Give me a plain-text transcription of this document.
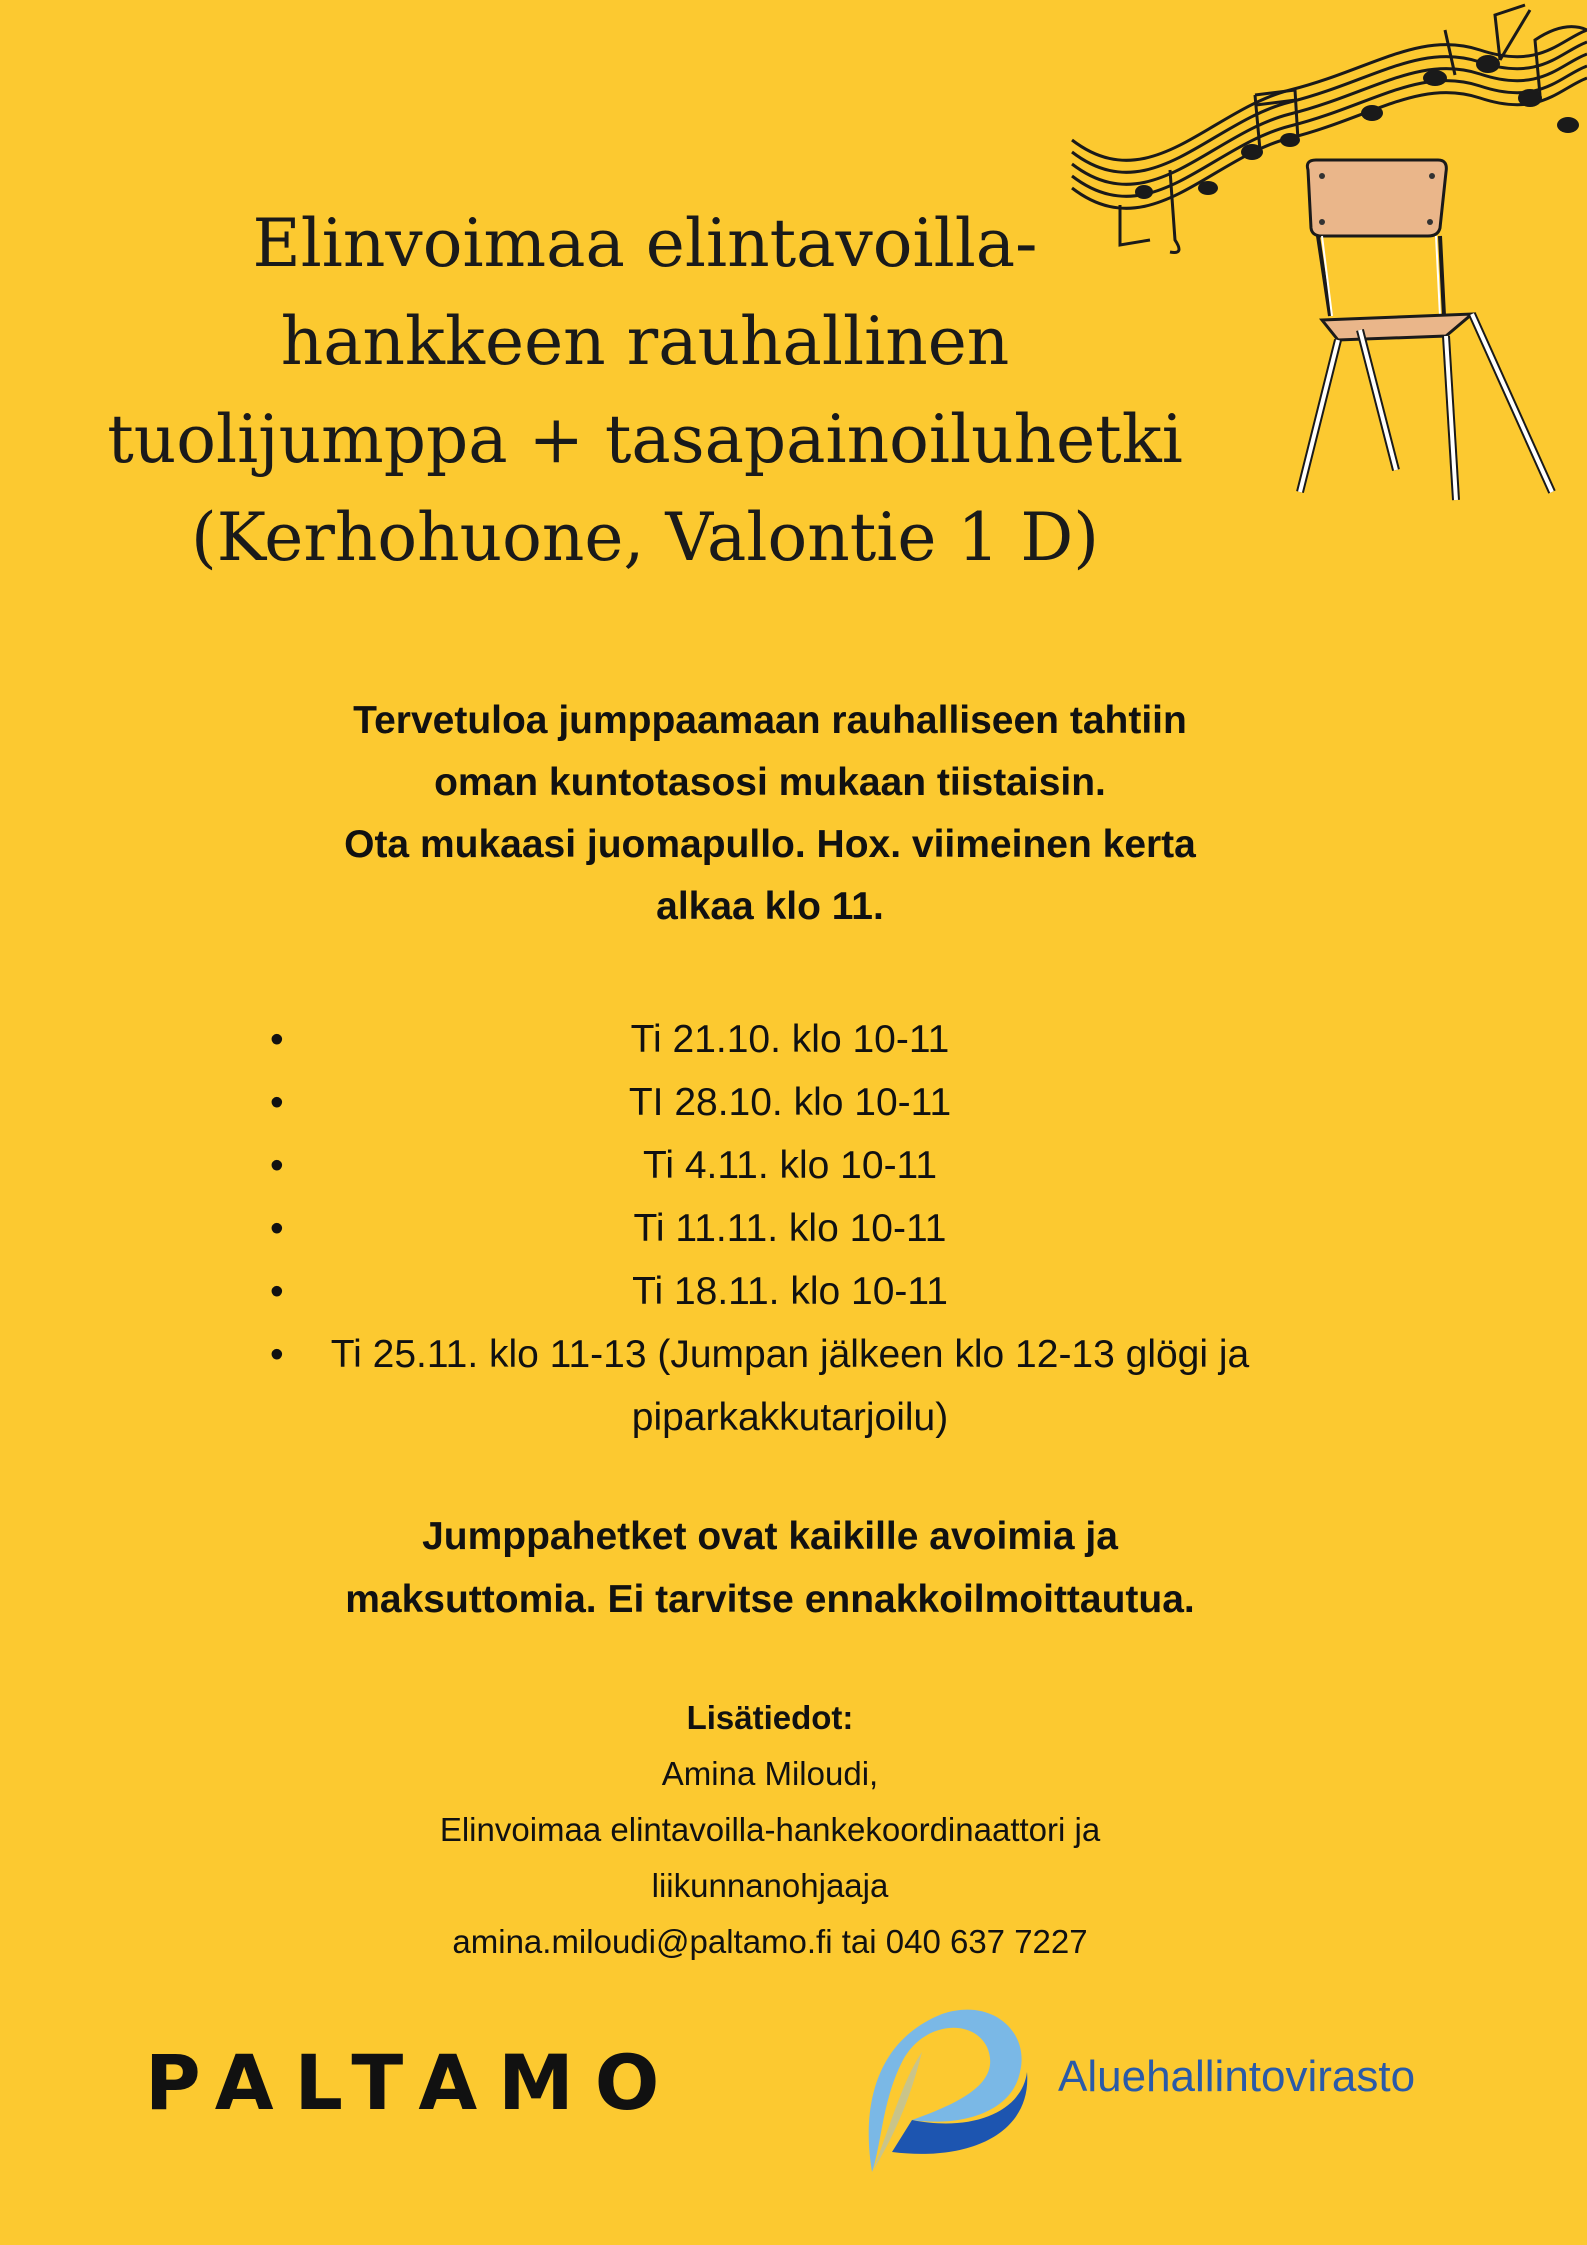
Elinvoimaa elintavoilla-
hankkeen rauhallinen
tuolijumppa + tasapainoiluhetki
(Kerhohuone, Valontie 1 D)
Tervetuloa jumppaamaan rauhalliseen tahtiin
oman kuntotasosi mukaan tiistaisin.
Ota mukaasi juomapullo. Hox. viimeinen kerta
alkaa klo 11.
•	Ti 21.10. klo 10-11
•	TI 28.10. klo 10-11
•	Ti 4.11. klo 10-11
•	Ti 11.11. klo 10-11
•	Ti 18.11. klo 10-11
•	Ti 25.11. klo 11-13 (Jumpan jälkeen klo 12-13 glögi ja piparkakkutarjoilu)
Jumppahetket ovat kaikille avoimia ja
maksuttomia. Ei tarvitse ennakkoilmoittautua.
Lisätiedot:
Amina Miloudi,
Elinvoimaa elintavoilla-hankekoordinaattori ja
liikunnanohjaaja
amina.miloudi@paltamo.fi tai 040 637 7227
PALTAMO	Aluehallintovirasto
